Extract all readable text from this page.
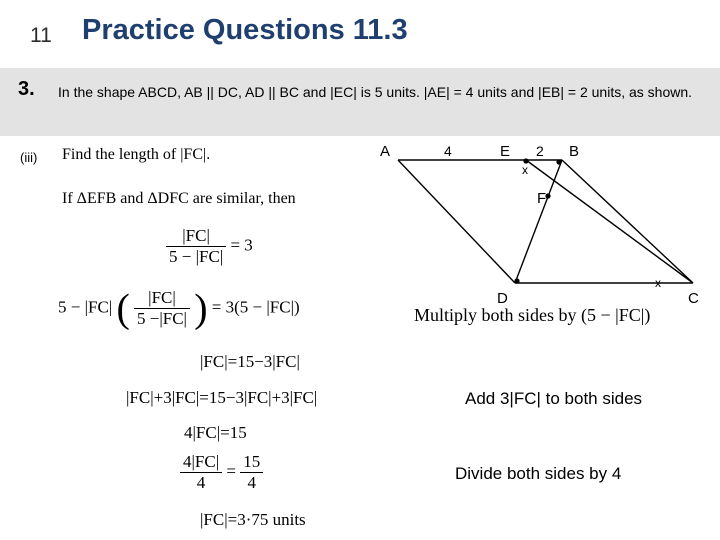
11 Practice Questions 11.3
3. In the shape ABCD, AB || DC, AD || BC and |EC| is 5 units. |AE| = 4 units and |EB| = 2 units, as shown.
(iii) Find the length of |FC|.
If ΔEFB and ΔDFC are similar, then
A	4	E 2 B
x
F
x
D	C
$\frac{|FC|}{5 - |FC|} = 3$
5 − |FC| ( $\frac{|FC|}{5 -|FC|}$ ) = 3(5 − |FC|)	Multiply both sides by (5 − |FC|)
|FC|=15−3|FC|
|FC|+3|FC|=15−3|FC|+3|FC|	Add 3|FC| to both sides
4|FC|=15
$\frac{4|FC|}{4} = \frac{15}{4}$	Divide both sides by 4
|FC|=3·75 units
